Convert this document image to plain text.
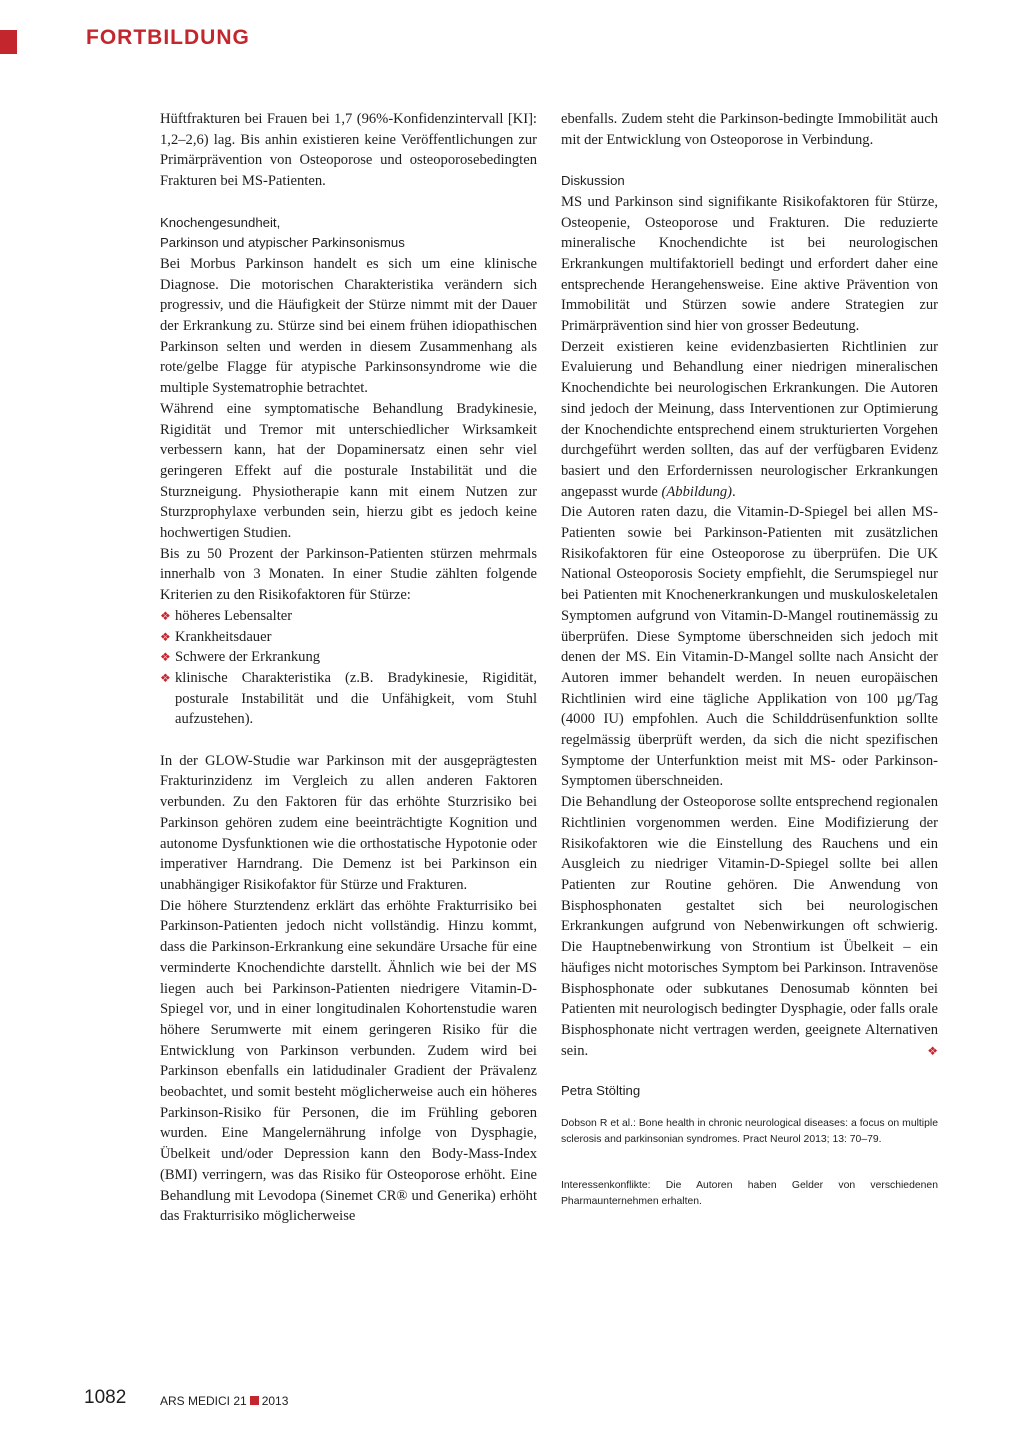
FORTBILDUNG

Hüftfrakturen bei Frauen bei 1,7 (96%-Konfidenzintervall [KI]: 1,2–2,6) lag. Bis anhin existieren keine Veröffentlichungen zur Primärprävention von Osteoporose und osteoporosebedingten Frakturen bei MS-Patienten.

Knochengesundheit,
Parkinson und atypischer Parkinsonismus

Bei Morbus Parkinson handelt es sich um eine klinische Diagnose. Die motorischen Charakteristika verändern sich progressiv, und die Häufigkeit der Stürze nimmt mit der Dauer der Erkrankung zu. Stürze sind bei einem frühen idiopathischen Parkinson selten und werden in diesem Zusammenhang als rote/gelbe Flagge für atypische Parkinsonsyndrome wie die multiple Systematrophie betrachtet.

Während eine symptomatische Behandlung Bradykinesie, Rigidität und Tremor mit unterschiedlicher Wirksamkeit verbessern kann, hat der Dopaminersatz einen sehr viel geringeren Effekt auf die posturale Instabilität und die Sturzneigung. Physiotherapie kann mit einem Nutzen zur Sturzprophylaxe verbunden sein, hierzu gibt es jedoch keine hochwertigen Studien.

Bis zu 50 Prozent der Parkinson-Patienten stürzen mehrmals innerhalb von 3 Monaten. In einer Studie zählten folgende Kriterien zu den Risikofaktoren für Stürze:

❖ höheres Lebensalter
❖ Krankheitsdauer
❖ Schwere der Erkrankung
❖ klinische Charakteristika (z.B. Bradykinesie, Rigidität, posturale Instabilität und die Unfähigkeit, vom Stuhl aufzustehen).

In der GLOW-Studie war Parkinson mit der ausgeprägtesten Frakturinzidenz im Vergleich zu allen anderen Faktoren verbunden. Zu den Faktoren für das erhöhte Sturzrisiko bei Parkinson gehören zudem eine beeinträchtigte Kognition und autonome Dysfunktionen wie die orthostatische Hypotonie oder imperativer Harndrang. Die Demenz ist bei Parkinson ein unabhängiger Risikofaktor für Stürze und Frakturen.

Die höhere Sturztendenz erklärt das erhöhte Frakturrisiko bei Parkinson-Patienten jedoch nicht vollständig. Hinzu kommt, dass die Parkinson-Erkrankung eine sekundäre Ursache für eine verminderte Knochendichte darstellt. Ähnlich wie bei der MS liegen auch bei Parkinson-Patienten niedrigere Vitamin-D-Spiegel vor, und in einer longitudinalen Kohortenstudie waren höhere Serumwerte mit einem geringeren Risiko für die Entwicklung von Parkinson verbunden. Zudem wird bei Parkinson ebenfalls ein latidudinaler Gradient der Prävalenz beobachtet, und somit besteht möglicherweise auch ein höheres Parkinson-Risiko für Personen, die im Frühling geboren wurden. Eine Mangelernährung infolge von Dysphagie, Übelkeit und/oder Depression kann den Body-Mass-Index (BMI) verringern, was das Risiko für Osteoporose erhöht. Eine Behandlung mit Levodopa (Sinemet CR® und Generika) erhöht das Frakturrisiko möglicherweise

ebenfalls. Zudem steht die Parkinson-bedingte Immobilität auch mit der Entwicklung von Osteoporose in Verbindung.

Diskussion

MS und Parkinson sind signifikante Risikofaktoren für Stürze, Osteopenie, Osteoporose und Frakturen. Die reduzierte mineralische Knochendichte ist bei neurologischen Erkrankungen multifaktoriell bedingt und erfordert daher eine entsprechende Herangehensweise. Eine aktive Prävention von Immobilität und Stürzen sowie andere Strategien zur Primärprävention sind hier von grosser Bedeutung.

Derzeit existieren keine evidenzbasierten Richtlinien zur Evaluierung und Behandlung einer niedrigen mineralischen Knochendichte bei neurologischen Erkrankungen. Die Autoren sind jedoch der Meinung, dass Interventionen zur Optimierung der Knochendichte entsprechend einem strukturierten Vorgehen durchgeführt werden sollten, das auf der verfügbaren Evidenz basiert und den Erfordernissen neurologischer Erkrankungen angepasst wurde (Abbildung).

Die Autoren raten dazu, die Vitamin-D-Spiegel bei allen MS-Patienten sowie bei Parkinson-Patienten mit zusätzlichen Risikofaktoren für eine Osteoporose zu überprüfen. Die UK National Osteoporosis Society empfiehlt, die Serumspiegel nur bei Patienten mit Knochenerkrankungen und muskuloskeletalen Symptomen aufgrund von Vitamin-D-Mangel routinemässig zu überprüfen. Diese Symptome überschneiden sich jedoch mit denen der MS. Ein Vitamin-D-Mangel sollte nach Ansicht der Autoren immer behandelt werden. In neuen europäischen Richtlinien wird eine tägliche Applikation von 100 µg/Tag (4000 IU) empfohlen. Auch die Schilddrüsenfunktion sollte regelmässig überprüft werden, da sich die nicht spezifischen Symptome der Unterfunktion meist mit MS- oder Parkinson-Symptomen überschneiden.

Die Behandlung der Osteoporose sollte entsprechend regionalen Richtlinien vorgenommen werden. Eine Modifizierung der Risikofaktoren wie die Einstellung des Rauchens und ein Ausgleich zu niedriger Vitamin-D-Spiegel sollte bei allen Patienten zur Routine gehören. Die Anwendung von Bisphosphonaten gestaltet sich bei neurologischen Erkrankungen aufgrund von Nebenwirkungen oft schwierig. Die Hauptnebenwirkung von Strontium ist Übelkeit – ein häufiges nicht motorisches Symptom bei Parkinson. Intravenöse Bisphosphonate oder subkutanes Denosumab könnten bei Patienten mit neurologisch bedingter Dysphagie, oder falls orale Bisphosphonate nicht vertragen werden, geeignete Alternativen sein.	❖

Petra Stölting
Dobson R et al.: Bone health in chronic neurological diseases: a focus on multiple sclerosis and parkinsonian syndromes. Pract Neurol 2013; 13: 70–79.
Interessenkonflikte: Die Autoren haben Gelder von verschiedenen Pharmaunternehmen erhalten.
1082	ARS MEDICI 21 2013
